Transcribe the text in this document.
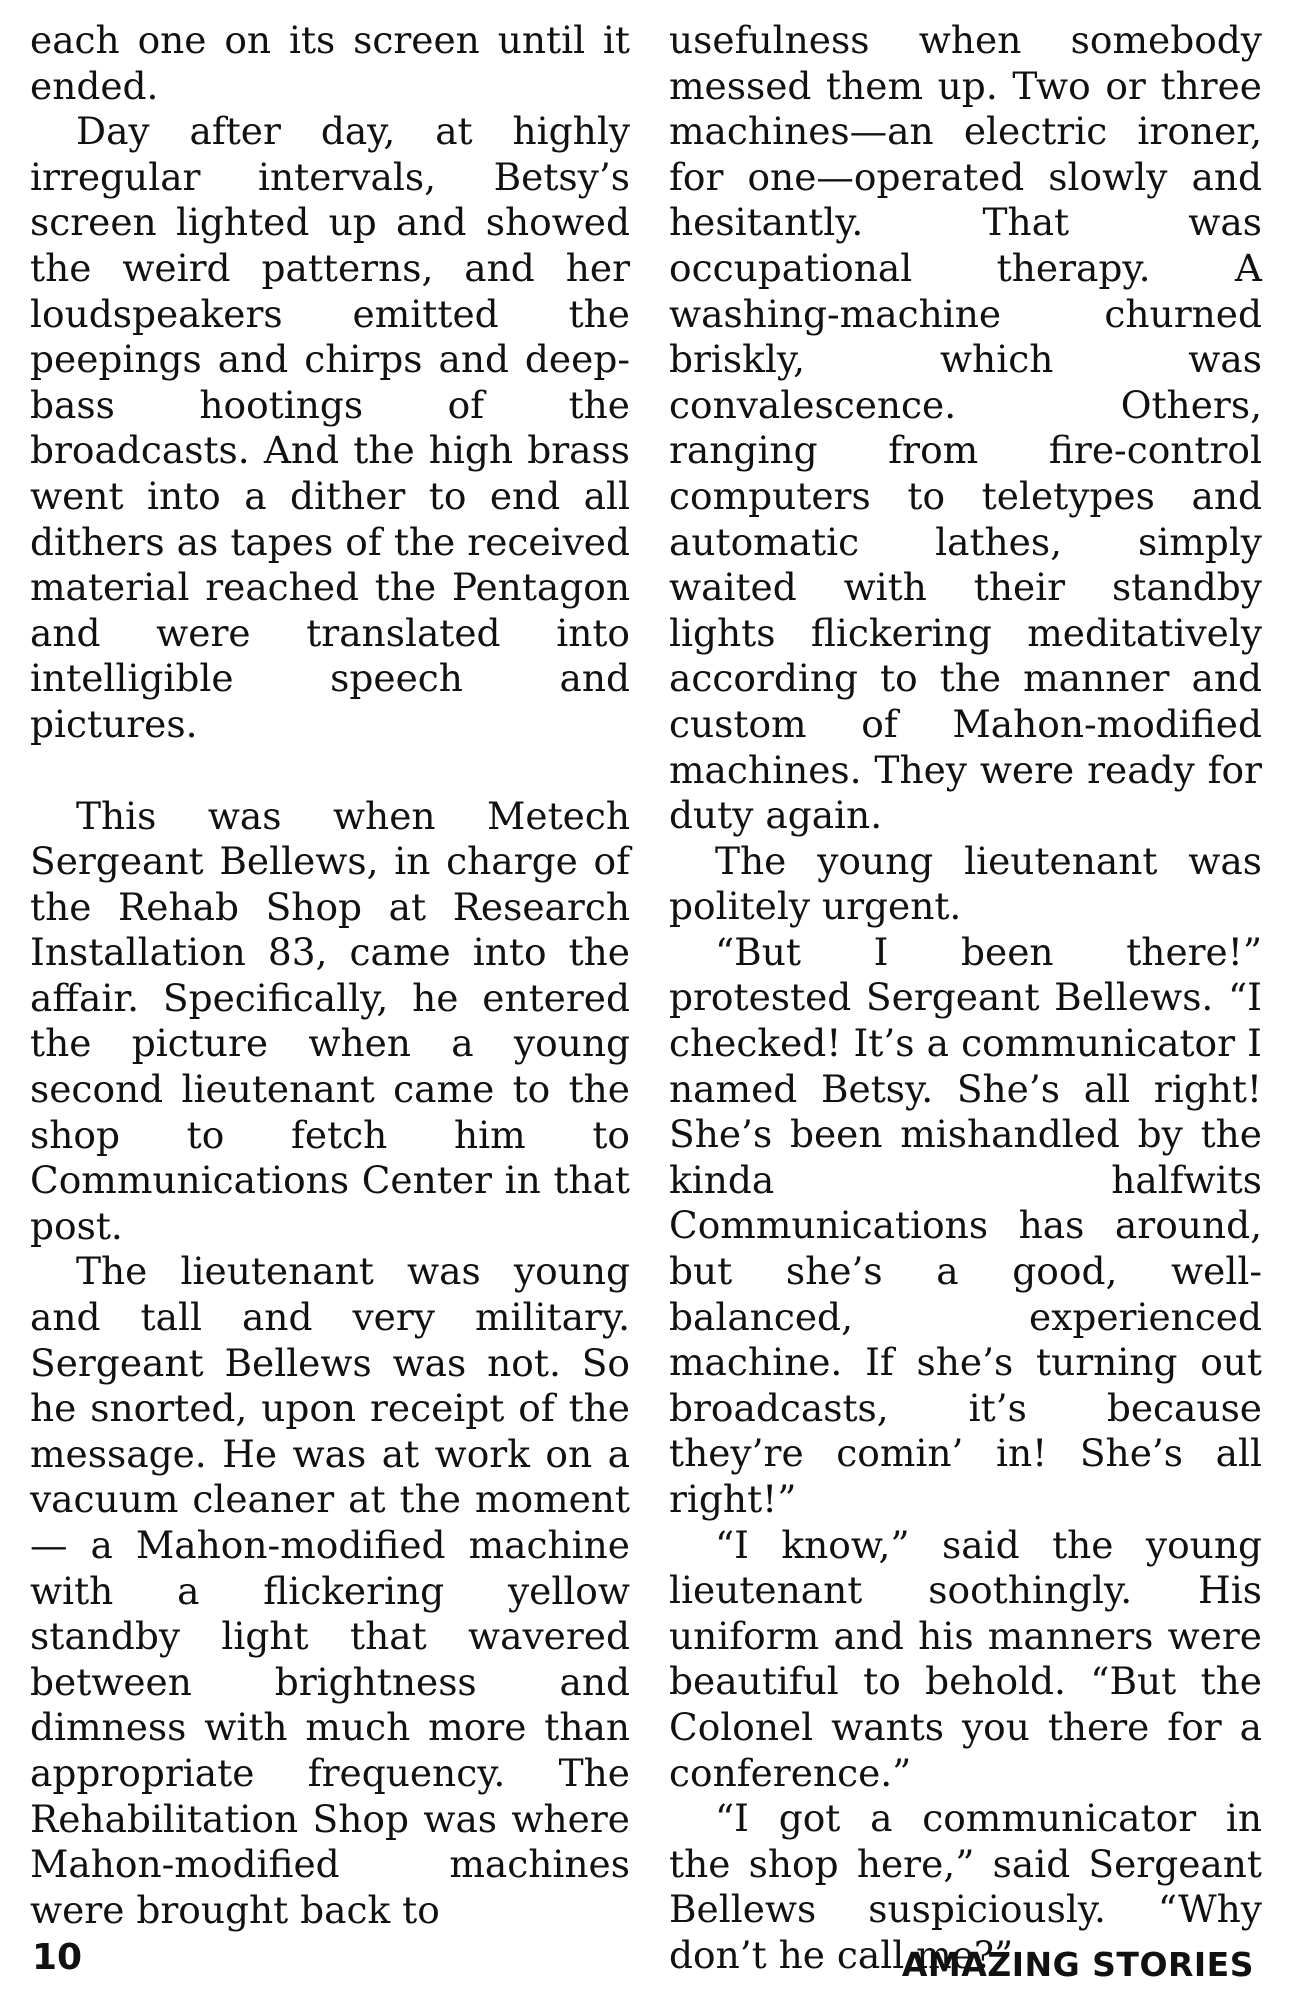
each one on its screen until it ended.

Day after day, at highly irregular intervals, Betsy’s screen lighted up and showed the weird patterns, and her loudspeakers emitted the peepings and chirps and deep-bass hootings of the broadcasts. And the high brass went into a dither to end all dithers as tapes of the received material reached the Pentagon and were translated into intelligible speech and pictures.

This was when Metech Sergeant Bellews, in charge of the Rehab Shop at Research Installation 83, came into the affair. Specifically, he entered the picture when a young second lieutenant came to the shop to fetch him to Communications Center in that post.

The lieutenant was young and tall and very military. Sergeant Bellews was not. So he snorted, upon receipt of the message. He was at work on a vacuum cleaner at the moment — a Mahon-modified machine with a flickering yellow standby light that wavered between brightness and dimness with much more than appropriate frequency. The Rehabilitation Shop was where Mahon-modified machines were brought back to

usefulness when somebody messed them up. Two or three machines—an electric ironer, for one—operated slowly and hesitantly. That was occupational therapy. A washing-machine churned briskly, which was convalescence. Others, ranging from fire-control computers to teletypes and automatic lathes, simply waited with their standby lights flickering meditatively according to the manner and custom of Mahon-modified machines. They were ready for duty again.

The young lieutenant was politely urgent.

“But I been there!” protested Sergeant Bellews. “I checked! It’s a communicator I named Betsy. She’s all right! She’s been mishandled by the kinda halfwits Communications has around, but she’s a good, well-balanced, experienced machine. If she’s turning out broadcasts, it’s because they’re comin’ in! She’s all right!”

“I know,” said the young lieutenant soothingly. His uniform and his manners were beautiful to behold. “But the Colonel wants you there for a conference.”

“I got a communicator in the shop here,” said Sergeant Bellews suspiciously. “Why don’t he call me?”

10	AMAZING STORIES
